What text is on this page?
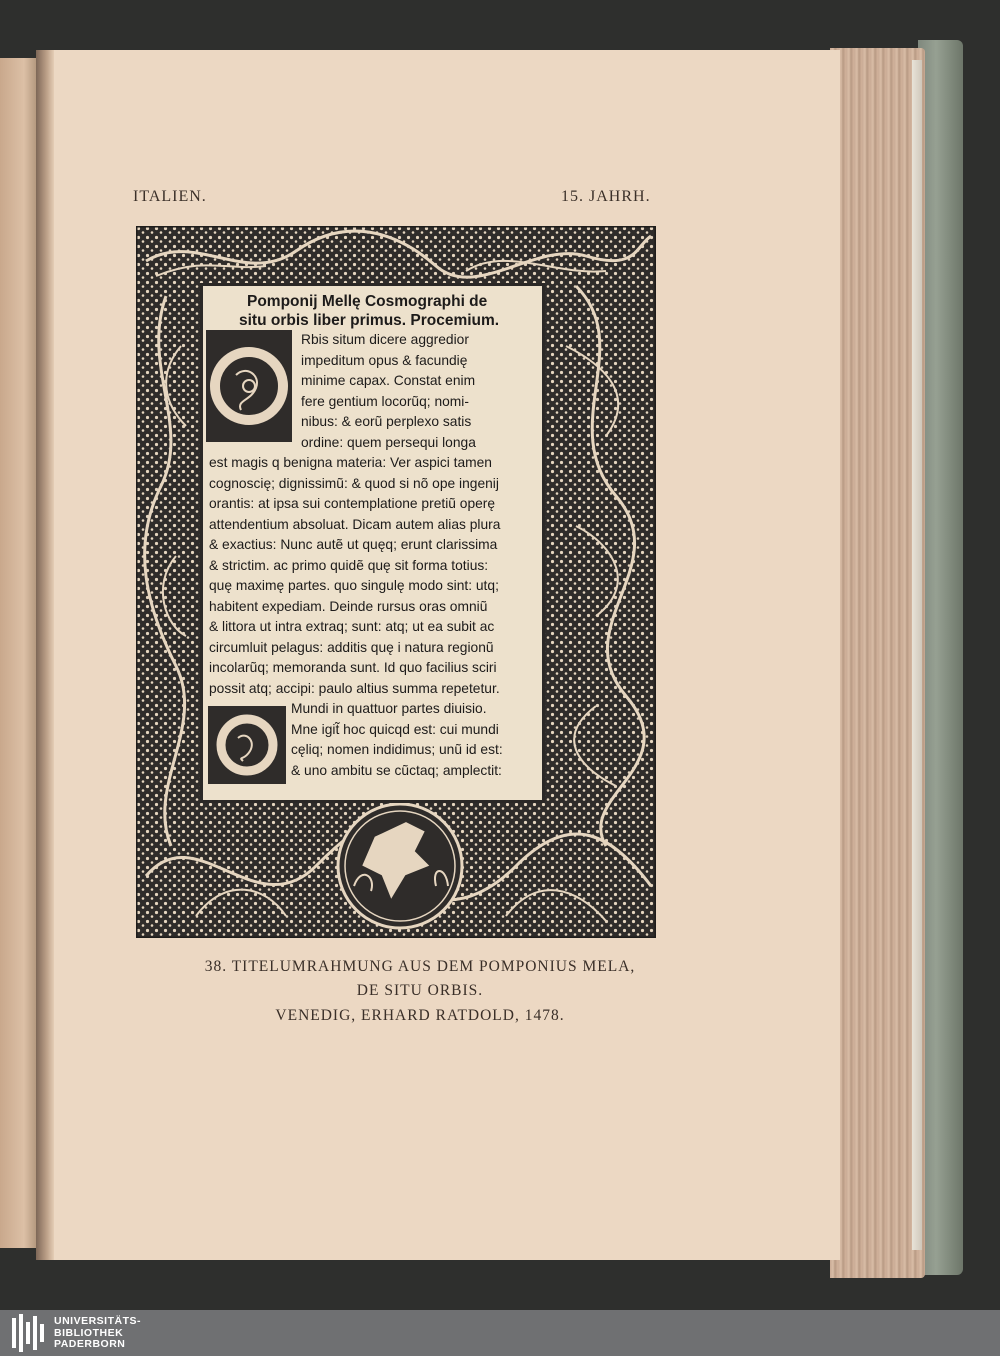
ITALIEN.	15. JAHRH.
Pomponij Mellę Cosmographi de
situ orbis liber primus. Procemium.
Rbis situm dicere aggredior
impeditum opus & facundię
minime capax. Constat enim
fere gentium locorũq; nomi-
nibus: & eorũ perplexo satis
ordine: quem persequi longa
est magis q benigna materia: Ver aspici tamen
cognoscię; dignissimũ: & quod si nõ ope ingenij
orantis: at ipsa sui contemplatione pretiũ operę
attendentium absoluat. Dicam autem alias plura
& exactius: Nunc autẽ ut quęq; erunt clarissima
& strictim. ac primo quidẽ quę sit forma totius:
quę maximę partes. quo singulę modo sint: utq;
habitent expediam. Deinde rursus oras omniũ
& littora ut intra extraq; sunt: atq; ut ea subit ac
circumluit pelagus: additis quę i natura regionũ
incolarũq; memoranda sunt. Id quo facilius sciri
possit atq; accipi: paulo altius summa repetetur.
Mundi in quattuor partes diuisio.
Mne igit̃ hoc quicqd est: cui mundi
cęliq; nomen indidimus; unũ id est:
& uno ambitu se cũctaq; amplectit:
38. TITELUMRAHMUNG AUS DEM POMPONIUS MELA,
DE SITU ORBIS.
VENEDIG, ERHARD RATDOLD, 1478.
UNIVERSITÄTS-
BIBLIOTHEK
PADERBORN
